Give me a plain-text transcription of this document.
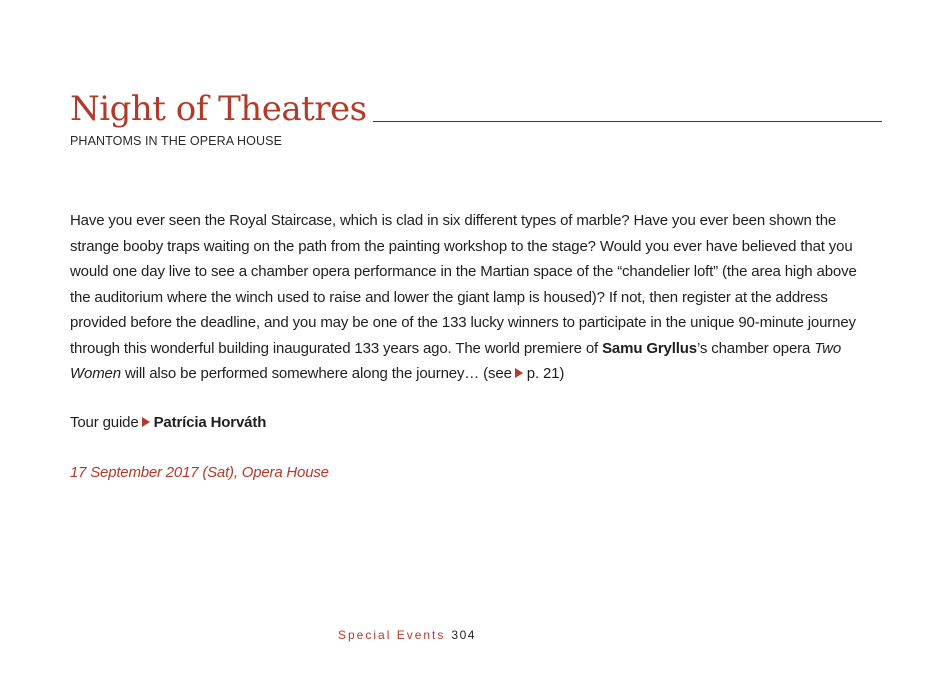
Night of Theatres
PHANTOMS IN THE OPERA HOUSE
Have you ever seen the Royal Staircase, which is clad in six different types of marble? Have you ever been shown the strange booby traps waiting on the path from the painting workshop to the stage? Would you ever have believed that you would one day live to see a chamber opera performance in the Martian space of the “chandelier loft” (the area high above the auditorium where the winch used to raise and lower the giant lamp is housed)? If not, then register at the address provided before the deadline, and you may be one of the 133 lucky winners to participate in the unique 90-minute journey through this wonderful building inaugurated 133 years ago. The world premiere of Samu Gryllus’s chamber opera Two Women will also be performed somewhere along the journey… (see p. 21)
Tour guide Patrícia Horváth
17 September 2017 (Sat), Opera House
Special Events 304
